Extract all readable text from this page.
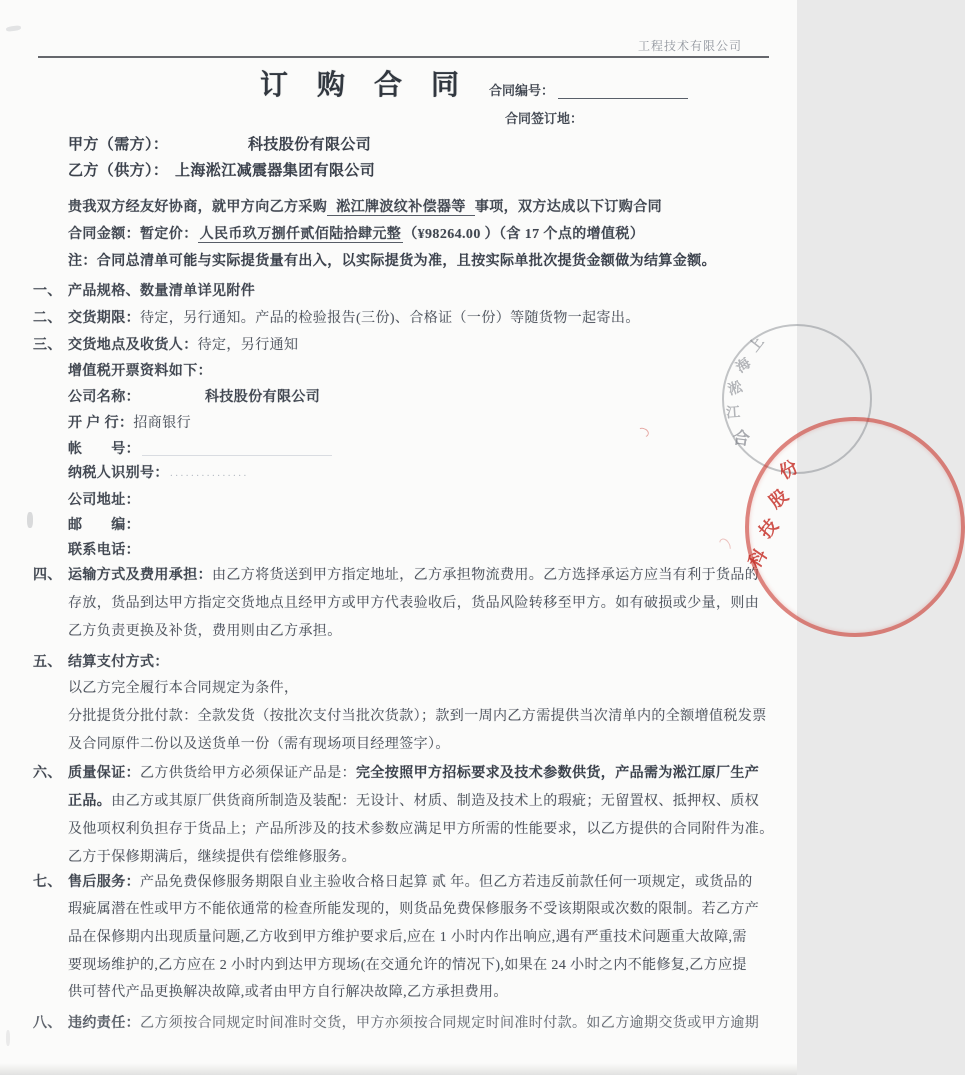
工程技术有限公司
订 购 合 同 合同编号：
合同签订地：
甲方（需方）：	科技股份有限公司
乙方（供方）： 上海淞江减震器集团有限公司
贵我双方经友好协商，就甲方向乙方采购 淞江牌波纹补偿器等 事项，双方达成以下订购合同
合同金额：暂定价： 人民币玖万捌仟贰佰陆拾肆元整 （¥98264.00 ）（含 17 个点的增值税）
注：合同总清单可能与实际提货量有出入，以实际提货为准，且按实际单批次提货金额做为结算金额。
一、 产品规格、数量清单详见附件
二、 交货期限：待定，另行通知。产品的检验报告(三份)、合格证（一份）等随货物一起寄出。
三、 交货地点及收货人：待定，另行通知
增值税开票资料如下：
公司名称：	科技股份有限公司
开 户 行：招商银行
帐　　号：
纳税人识别号： ...............
公司地址：
邮　　编：
联系电话：
四、 运输方式及费用承担：由乙方将货送到甲方指定地址，乙方承担物流费用。乙方选择承运方应当有利于货品的
存放，货品到达甲方指定交货地点且经甲方或甲方代表验收后，货品风险转移至甲方。如有破损或少量，则由
乙方负责更换及补货，费用则由乙方承担。
五、 结算支付方式：
以乙方完全履行本合同规定为条件，
分批提货分批付款：全款发货（按批次支付当批次货款）；款到一周内乙方需提供当次清单内的全额增值税发票
及合同原件二份以及送货单一份（需有现场项目经理签字）。
六、 质量保证：乙方供货给甲方必须保证产品是：完全按照甲方招标要求及技术参数供货，产品需为淞江原厂生产
正品。由乙方或其原厂供货商所制造及装配：无设计、材质、制造及技术上的瑕疵；无留置权、抵押权、质权
及他项权利负担存于货品上；产品所涉及的技术参数应满足甲方所需的性能要求，以乙方提供的合同附件为准。
乙方于保修期满后，继续提供有偿维修服务。
七、 售后服务：产品免费保修服务期限自业主验收合格日起算 贰 年。但乙方若违反前款任何一项规定，或货品的
瑕疵属潜在性或甲方不能依通常的检查所能发现的，则货品免费保修服务不受该期限或次数的限制。若乙方产
品在保修期内出现质量问题,乙方收到甲方维护要求后,应在 1 小时内作出响应,遇有严重技术问题重大故障,需
要现场维护的,乙方应在 2 小时内到达甲方现场(在交通允许的情况下),如果在 24 小时之内不能修复,乙方应提
供可替代产品更换解决故障,或者由甲方自行解决故障,乙方承担费用。
八、 违约责任：乙方须按合同规定时间准时交货，甲方亦须按合同规定时间准时付款。如乙方逾期交货或甲方逾期
上
海
淞
江
合
科
技
股
份
